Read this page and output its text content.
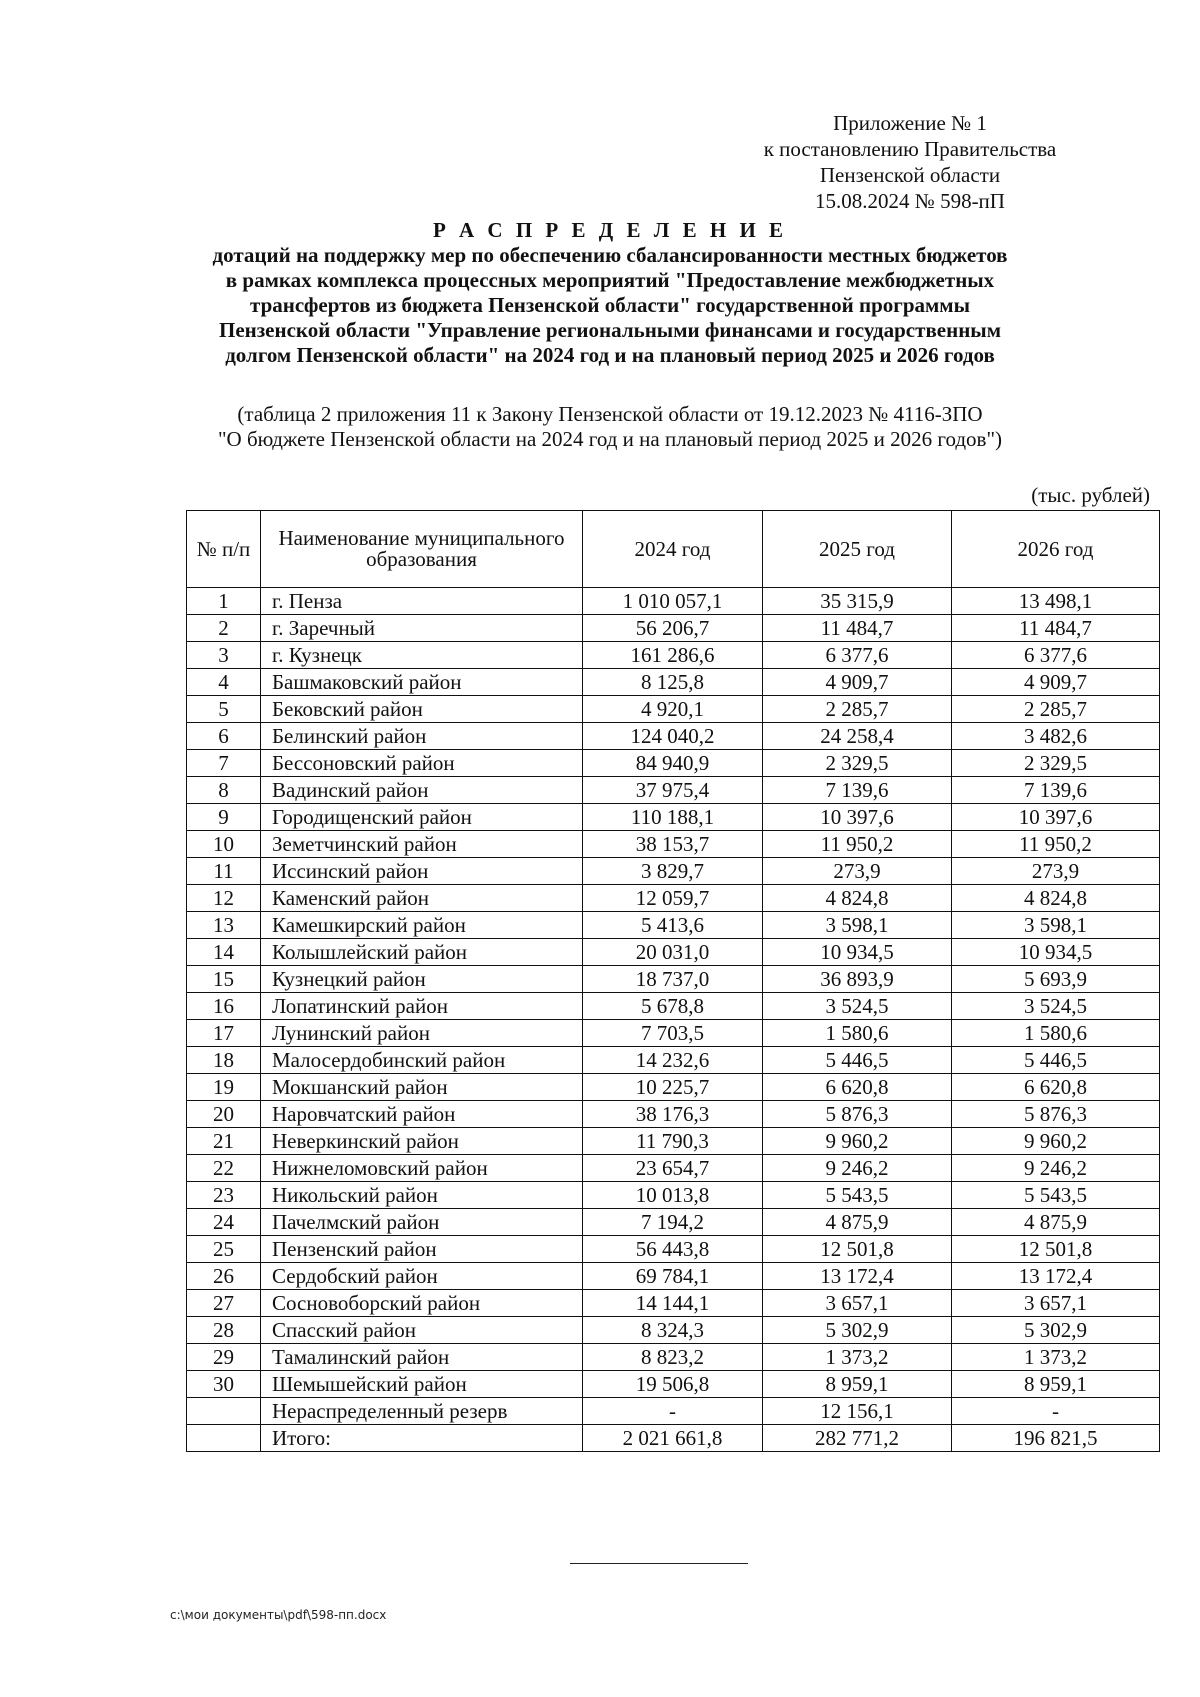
Приложение № 1
к постановлению Правительства
Пензенской области
15.08.2024 № 598-пП
Р А С П Р Е Д Е Л Е Н И Е
дотаций на поддержку мер по обеспечению сбалансированности местных бюджетов
в рамках комплекса процессных мероприятий "Предоставление межбюджетных
трансфертов из бюджета Пензенской области" государственной программы
Пензенской области "Управление региональными финансами и государственным
долгом Пензенской области" на 2024 год и на плановый период 2025 и 2026 годов
(таблица 2 приложения 11 к Закону Пензенской области от 19.12.2023 № 4116-ЗПО
"О бюджете Пензенской области на 2024 год и на плановый период 2025 и 2026 годов")
(тыс. рублей)
№ п/п	Наименование муниципального образования	2024 год	2025 год	2026 год
1	г. Пенза	1 010 057,1	35 315,9	13 498,1
2	г. Заречный	56 206,7	11 484,7	11 484,7
3	г. Кузнецк	161 286,6	6 377,6	6 377,6
4	Башмаковский район	8 125,8	4 909,7	4 909,7
5	Бековский район	4 920,1	2 285,7	2 285,7
6	Белинский район	124 040,2	24 258,4	3 482,6
7	Бессоновский район	84 940,9	2 329,5	2 329,5
8	Вадинский район	37 975,4	7 139,6	7 139,6
9	Городищенский район	110 188,1	10 397,6	10 397,6
10	Земетчинский район	38 153,7	11 950,2	11 950,2
11	Иссинский район	3 829,7	273,9	273,9
12	Каменский район	12 059,7	4 824,8	4 824,8
13	Камешкирский район	5 413,6	3 598,1	3 598,1
14	Колышлейский район	20 031,0	10 934,5	10 934,5
15	Кузнецкий район	18 737,0	36 893,9	5 693,9
16	Лопатинский район	5 678,8	3 524,5	3 524,5
17	Лунинский район	7 703,5	1 580,6	1 580,6
18	Малосердобинский район	14 232,6	5 446,5	5 446,5
19	Мокшанский район	10 225,7	6 620,8	6 620,8
20	Наровчатский район	38 176,3	5 876,3	5 876,3
21	Неверкинский район	11 790,3	9 960,2	9 960,2
22	Нижнеломовский район	23 654,7	9 246,2	9 246,2
23	Никольский район	10 013,8	5 543,5	5 543,5
24	Пачелмский район	7 194,2	4 875,9	4 875,9
25	Пензенский район	56 443,8	12 501,8	12 501,8
26	Сердобский район	69 784,1	13 172,4	13 172,4
27	Сосновоборский район	14 144,1	3 657,1	3 657,1
28	Спасский район	8 324,3	5 302,9	5 302,9
29	Тамалинский район	8 823,2	1 373,2	1 373,2
30	Шемышейский район	19 506,8	8 959,1	8 959,1
	Нераспределенный резерв	-	12 156,1	-
	Итого:	2 021 661,8	282 771,2	196 821,5
c:\мои документы\pdf\598-пп.docx
